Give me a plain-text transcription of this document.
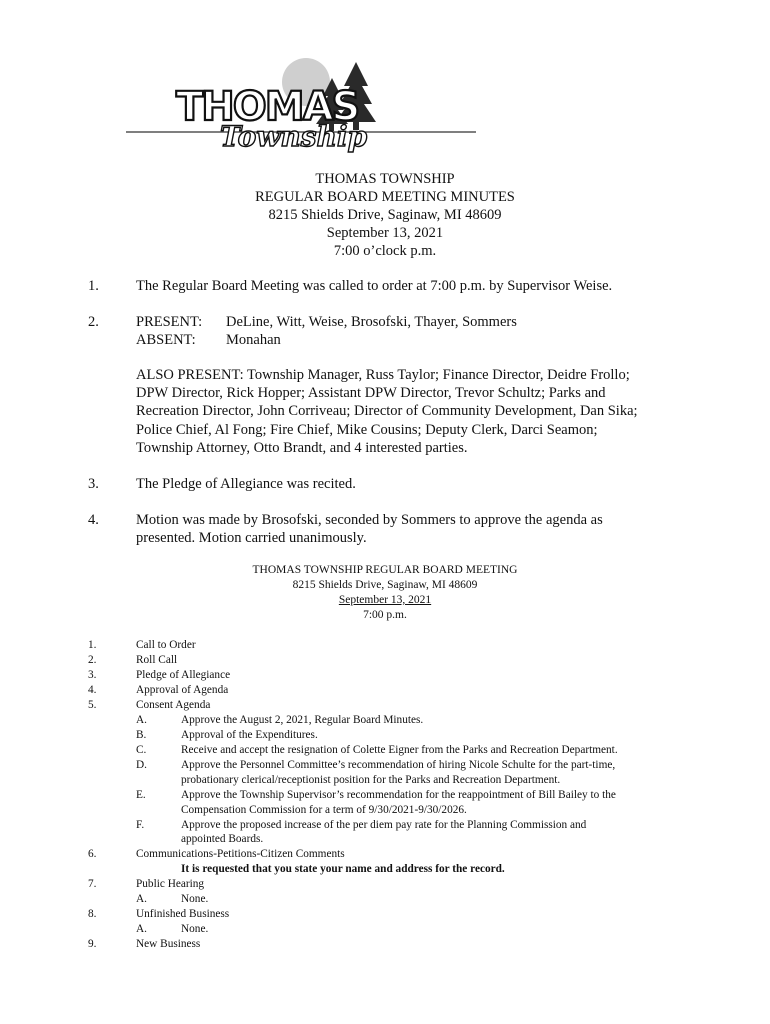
THOMAS
Township
THOMAS TOWNSHIP
REGULAR BOARD MEETING MINUTES
8215 Shields Drive, Saginaw, MI 48609
September 13, 2021
7:00 o’clock p.m.
1.	The Regular Board Meeting was called to order at 7:00 p.m. by Supervisor Weise.
2.	PRESENT: DeLine, Witt, Weise, Brosofski, Thayer, Sommers
ABSENT: Monahan
ALSO PRESENT: Township Manager, Russ Taylor; Finance Director, Deidre Frollo;
DPW Director, Rick Hopper; Assistant DPW Director, Trevor Schultz; Parks and
Recreation Director, John Corriveau; Director of Community Development, Dan Sika;
Police Chief, Al Fong; Fire Chief, Mike Cousins; Deputy Clerk, Darci Seamon;
Township Attorney, Otto Brandt, and 4 interested parties.
3.	The Pledge of Allegiance was recited.
4.	Motion was made by Brosofski, seconded by Sommers to approve the agenda as
presented. Motion carried unanimously.
THOMAS TOWNSHIP REGULAR BOARD MEETING
8215 Shields Drive, Saginaw, MI 48609
September 13, 2021
7:00 p.m.
1.	Call to Order
2.	Roll Call
3.	Pledge of Allegiance
4.	Approval of Agenda
5.	Consent Agenda
A.	Approve the August 2, 2021, Regular Board Minutes.
B.	Approval of the Expenditures.
C.	Receive and accept the resignation of Colette Eigner from the Parks and Recreation Department.
D.	Approve the Personnel Committee’s recommendation of hiring Nicole Schulte for the part-time,
probationary clerical/receptionist position for the Parks and Recreation Department.
E.	Approve the Township Supervisor’s recommendation for the reappointment of Bill Bailey to the
Compensation Commission for a term of 9/30/2021-9/30/2026.
F.	Approve the proposed increase of the per diem pay rate for the Planning Commission and
appointed Boards.
6.	Communications-Petitions-Citizen Comments
It is requested that you state your name and address for the record.
7.	Public Hearing
A.	None.
8.	Unfinished Business
A.	None.
9.	New Business
